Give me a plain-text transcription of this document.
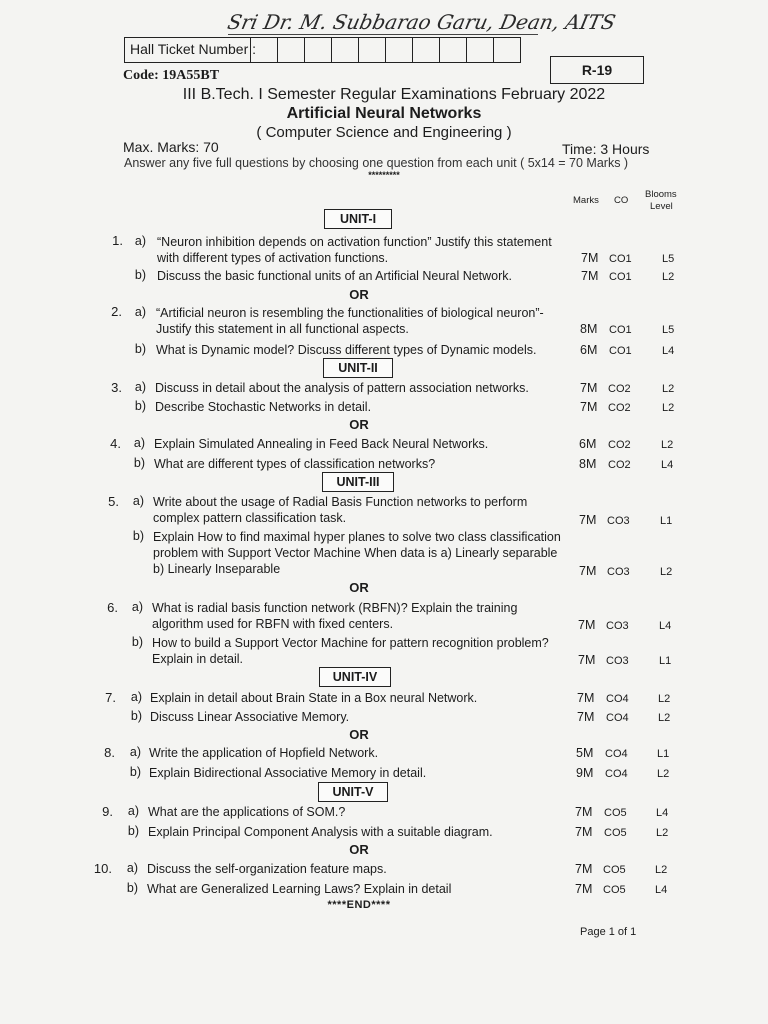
Sri Dr. M. Subbarao Garu, Dean, AITS
Hall Ticket Number :
Code: 19A55BT	R-19
III B.Tech. I Semester Regular Examinations February 2022
Artificial Neural Networks
( Computer Science and Engineering )
Max. Marks: 70	Time: 3 Hours
Answer any five full questions by choosing one question from each unit ( 5x14 = 70 Marks )
*********
Marks CO
Blooms
Level
UNIT-I
UNIT-II
UNIT-III
UNIT-IV
UNIT-V
OR
OR
OR
OR
OR
1. a) “Neuron inhibition depends on activation function” Justify this statement with different types of activation functions.	7M CO1	L5
b) Discuss the basic functional units of an Artificial Neural Network.	7M CO1	L2
2. a) “Artificial neuron is resembling the functionalities of biological neuron”- Justify this statement in all functional aspects.	8M CO1	L5
b) What is Dynamic model? Discuss different types of Dynamic models.	6M CO1	L4
3. a) Discuss in detail about the analysis of pattern association networks.	7M CO2	L2
b) Describe Stochastic Networks in detail.	7M CO2	L2
4. a) Explain Simulated Annealing in Feed Back Neural Networks.	6M CO2	L2
b) What are different types of classification networks?	8M CO2	L4
5. a) Write about the usage of Radial Basis Function networks to perform complex pattern classification task.	7M CO3	L1
b) Explain How to find maximal hyper planes to solve two class classification problem with Support Vector Machine When data is a) Linearly separable b) Linearly Inseparable	7M CO3	L2
6. a) What is radial basis function network (RBFN)? Explain the training algorithm used for RBFN with fixed centers.	7M CO3	L4
b) How to build a Support Vector Machine for pattern recognition problem? Explain in detail.	7M CO3	L1
7. a) Explain in detail about Brain State in a Box neural Network.	7M CO4	L2
b) Discuss Linear Associative Memory.	7M CO4	L2
8. a) Write the application of Hopfield Network.	5M CO4	L1
b) Explain Bidirectional Associative Memory in detail.	9M CO4	L2
9. a) What are the applications of SOM.?	7M CO5	L4
b) Explain Principal Component Analysis with a suitable diagram.	7M CO5	L2
10. a) Discuss the self-organization feature maps.	7M CO5	L2
b) What are Generalized Learning Laws? Explain in detail	7M CO5	L4
****END****
Page 1 of 1
